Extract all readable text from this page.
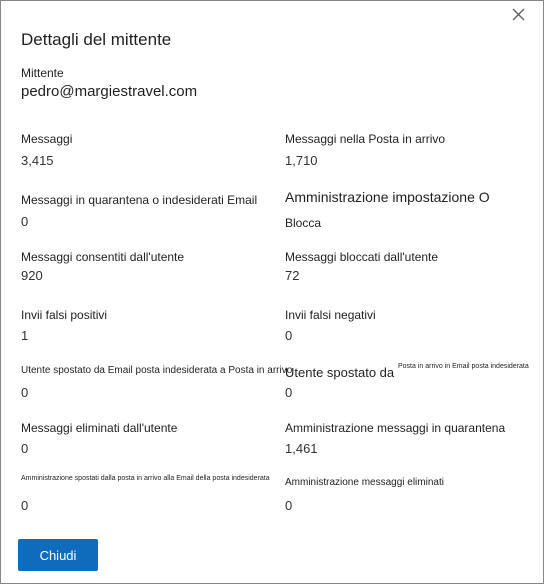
Dettagli del mittente
Mittente
pedro@margiestravel.com
Messaggi
3,415
Messaggi nella Posta in arrivo
1,710
Messaggi in quarantena o indesiderati Email
0
Amministrazione impostazione O
Blocca
Messaggi consentiti dall'utente
920
Messaggi bloccati dall'utente
72
Invii falsi positivi
1
Invii falsi negativi
0
Utente spostato da Email posta indesiderata a Posta in arrivo
0
Utente spostato da Posta in arrivo in Email posta indesiderata
0
Messaggi eliminati dall'utente
0
Amministrazione messaggi in quarantena
1,461
Amministrazione spostati dalla posta in arrivo alla Email della posta indesiderata
0
Amministrazione messaggi eliminati
0
Chiudi
